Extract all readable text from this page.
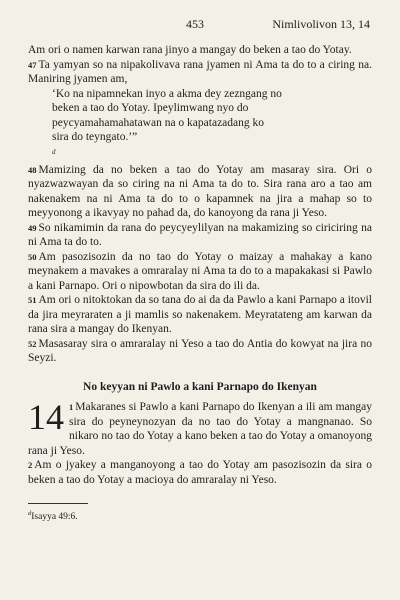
453	Nimlivolivon 13, 14

Am ori o namen karwan rana jinyo a mangay do beken a tao do Yotay.

47 Ta yamyan so na nipakolivava rana jyamen ni Ama ta do to a ciring na. Maniring jyamen am,

‘Ko na nipamnekan inyo a akma dey zezngang no
beken a tao do Yotay. Ipeylimwang nyo do
peycyamahamahatawan na o kapatazadang ko
sira do teyngato.’”
$^d$

48 Mamizing da no beken a tao do Yotay am masaray sira. Ori o nyazwazwayan da so ciring na ni Ama ta do to. Sira rana aro a tao am nakenakem na ni Ama ta do to o kapamnek na jira a mahap so to meyyonong a ikavyay no pahad da, do kanoyong da rana ji Yeso.

49 So nikamimin da rana do peycyeylilyan na makamizing so ciriciring na ni Ama ta do to.

50 Am pasozisozin da no tao do Yotay o maizay a mahakay a kano meynakem a mavakes a omraralay ni Ama ta do to a mapakakasi si Pawlo a kani Parnapo. Ori o nipowbotan da sira do ili da.

51 Am ori o nitoktokan da so tana do ai da da Pawlo a kani Parnapo a itovil da jira meyraraten a ji mamlis so nakenakem. Meyratateng am karwan da rana sira a mangay do Ikenyan.

52 Masasaray sira o amraralay ni Yeso a tao do Antia do kowyat na jira no Seyzi.

No keyyan ni Pawlo a kani Parnapo do Ikenyan
14 1 Makaranes si Pawlo a kani Parnapo do Ikenyan a ili am mangay sira do peyneynozyan da no tao do Yotay a mangnanao. So nikaro no tao do Yotay a kano beken a tao do Yotay a omanoyong rana ji Yeso.

2 Am o jyakey a manganoyong a tao do Yotay am pasozisozin da sira o beken a tao do Yotay a macioya do amraralay ni Yeso.

$^d$Isayya 49:6.
